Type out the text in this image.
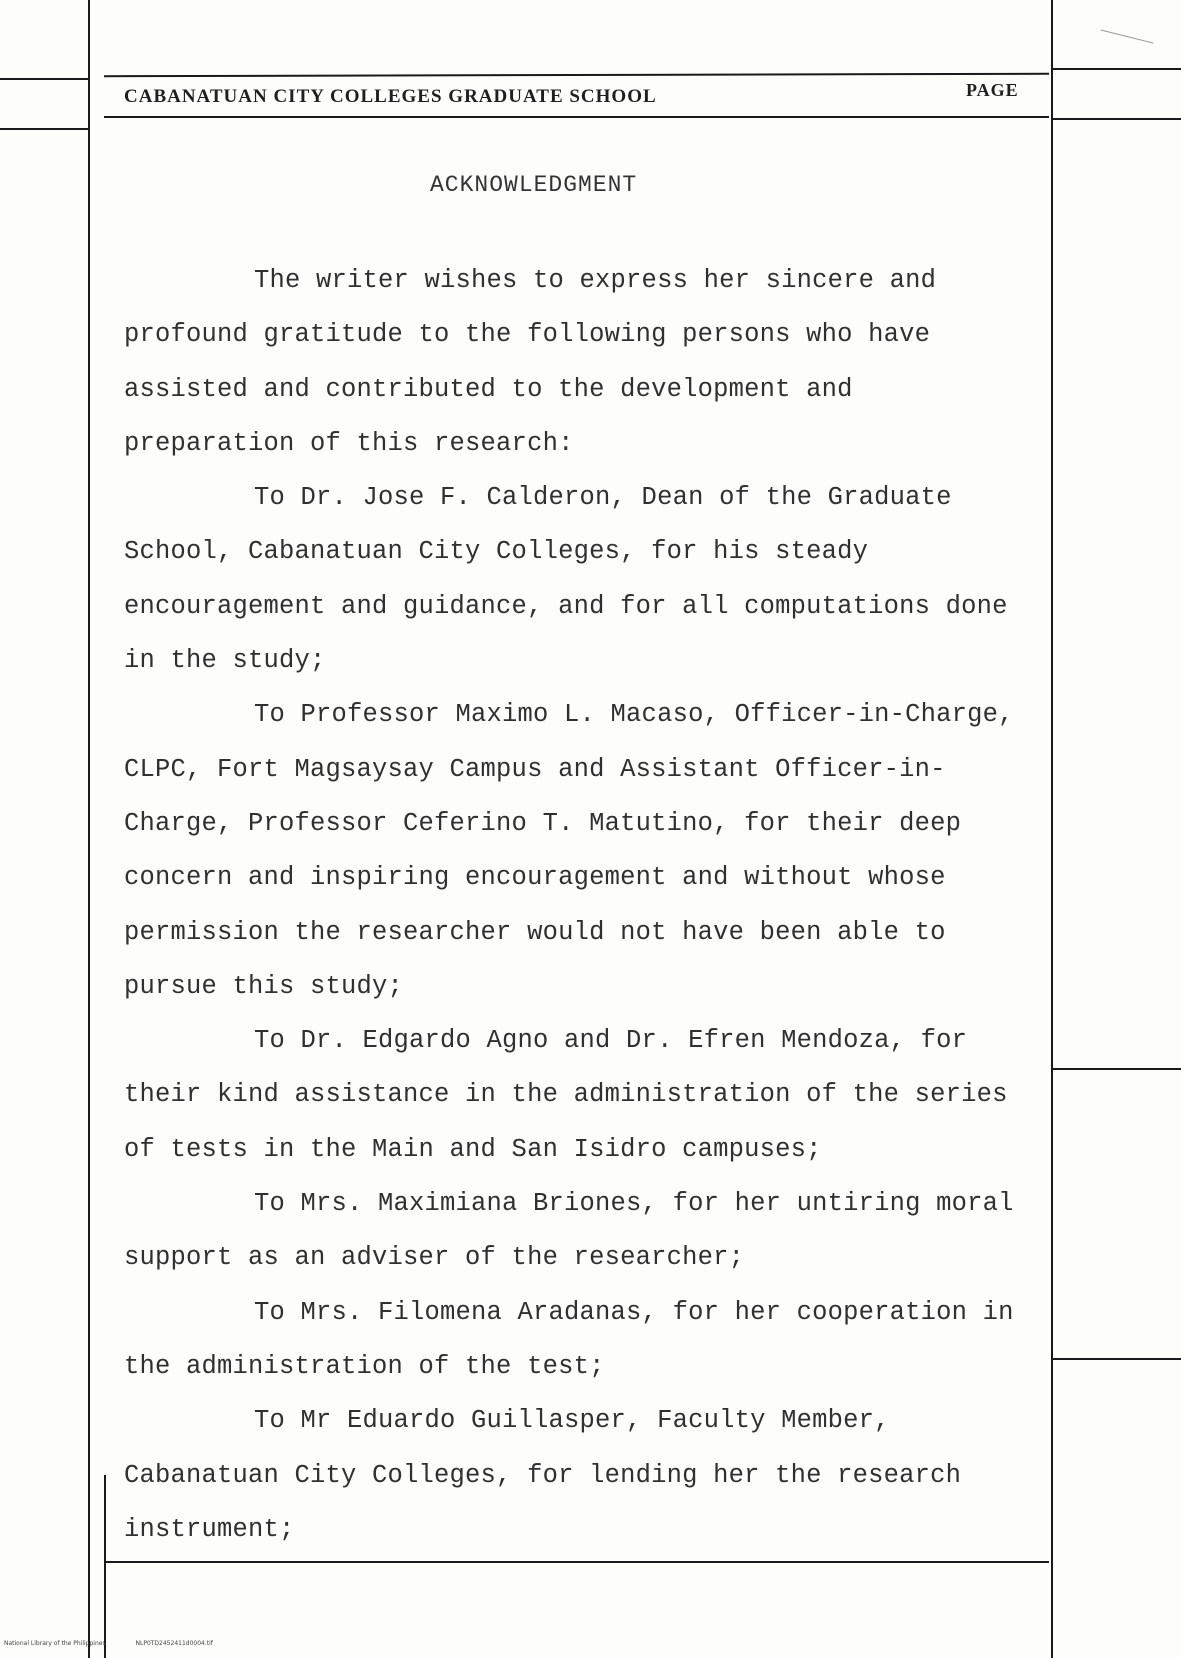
CABANATUAN CITY COLLEGES GRADUATE SCHOOL	PAGE
ACKNOWLEDGMENT

The writer wishes to express her sincere and profound gratitude to the following persons who have assisted and contributed to the development and preparation of this research:

To Dr. Jose F. Calderon, Dean of the Graduate School, Cabanatuan City Colleges, for his steady encouragement and guidance, and for all computations done in the study;

To Professor Maximo L. Macaso, Officer-in-Charge, CLPC, Fort Magsaysay Campus and Assistant Officer-in-Charge, Professor Ceferino T. Matutino, for their deep concern and inspiring encouragement and without whose permission the researcher would not have been able to pursue this study;

To Dr. Edgardo Agno and Dr. Efren Mendoza, for their kind assistance in the administration of the series of tests in the Main and San Isidro campuses;

To Mrs. Maximiana Briones, for her untiring moral support as an adviser of the researcher;

To Mrs. Filomena Aradanas, for her cooperation in the administration of the test;

To Mr Eduardo Guillasper, Faculty Member, Cabanatuan City Colleges, for lending her the research instrument;

National Library of the Philippines	NLP0TD2452411d0004.tif
